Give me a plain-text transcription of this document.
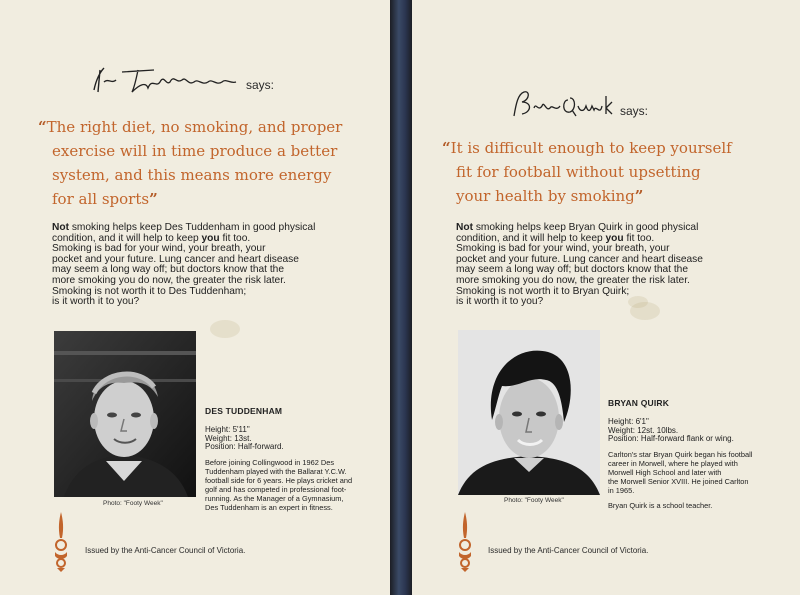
says:
“The right diet, no smoking, and proper
exercise will in time produce a better
system, and this means more energy
for all sports”
Not smoking helps keep Des Tuddenham in good physical
condition, and it will help to keep you fit too.
Smoking is bad for your wind, your breath, your
pocket and your future. Lung cancer and heart disease
may seem a long way off; but doctors know that the
more smoking you do now, the greater the risk later.
Smoking is not worth it to Des Tuddenham;
is it worth it to you?
Photo: "Footy Week"
DES TUDDENHAM
Height: 5'11"
Weight: 13st.
Position: Half-forward.
Before joining Collingwood in 1962 Des
Tuddenham played with the Ballarat Y.C.W.
football side for 6 years. He plays cricket and
golf and has competed in professional foot-
running. As the Manager of a Gymnasium,
Des Tuddenham is an expert in fitness.
Issued by the Anti-Cancer Council of Victoria.
says:
“It is difficult enough to keep yourself
fit for football without upsetting
your health by smoking”
Not smoking helps keep Bryan Quirk in good physical
condition, and it will help to keep you fit too.
Smoking is bad for your wind, your breath, your
pocket and your future. Lung cancer and heart disease
may seem a long way off; but doctors know that the
more smoking you do now, the greater the risk later.
Smoking is not worth it to Bryan Quirk;
is it worth it to you?
Photo: "Footy Week"
BRYAN QUIRK
Height: 6'1"
Weight: 12st. 10lbs.
Position: Half-forward flank or wing.
Carlton's star Bryan Quirk began his football
career in Morwell, where he played with
Morwell High School and later with
the Morwell Senior XVIII. He joined Carlton
in 1965.
Bryan Quirk is a school teacher.
Issued by the Anti-Cancer Council of Victoria.
